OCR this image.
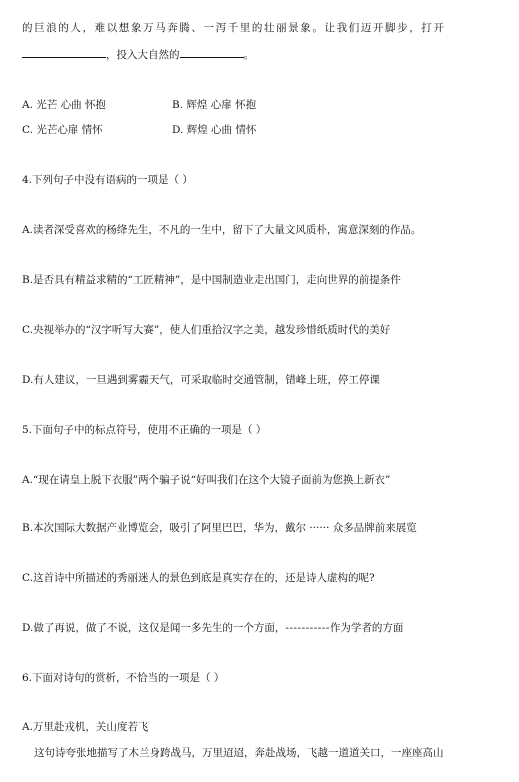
的巨浪的人，难以想象万马奔腾、一泻千里的壮丽景象。让我们迈开脚步，打开
，投入大自然的	。
A. 光芒 心曲 怀抱	B. 辉煌 心扉 怀抱
C. 光芒心扉 情怀	D. 辉煌 心曲 情怀
4.下列句子中没有语病的一项是（ ）
A.读者深受喜欢的杨绛先生，不凡的一生中，留下了大量文风质朴，寓意深刻的作品。
B.是否具有精益求精的“工匠精神”，是中国制造业走出国门，走向世界的前提条件
C.央视举办的“汉字听写大赛”，使人们重拾汉字之美，越发珍惜纸质时代的美好
D.有人建议，一旦遇到雾霾天气，可采取临时交通管制，错峰上班，停工停课
5.下面句子中的标点符号，使用不正确的一项是（ ）
A.“现在请皇上脱下衣服”两个骗子说“好叫我们在这个大镜子面前为您换上新衣”
B.本次国际大数据产业博览会，吸引了阿里巴巴，华为，戴尔 ······ 众多品牌前来展览
C.这首诗中所描述的秀丽迷人的景色到底是真实存在的，还是诗人虚构的呢?
D.做了再说，做了不说，这仅是闻一多先生的一个方面，-----------作为学者的方面
6.下面对诗句的赏析，不恰当的一项是（ ）
A.万里赴戎机，关山度若飞
这句诗夸张地描写了木兰身跨战马，万里迢迢，奔赴战场，飞越一道道关口，一座座高山
